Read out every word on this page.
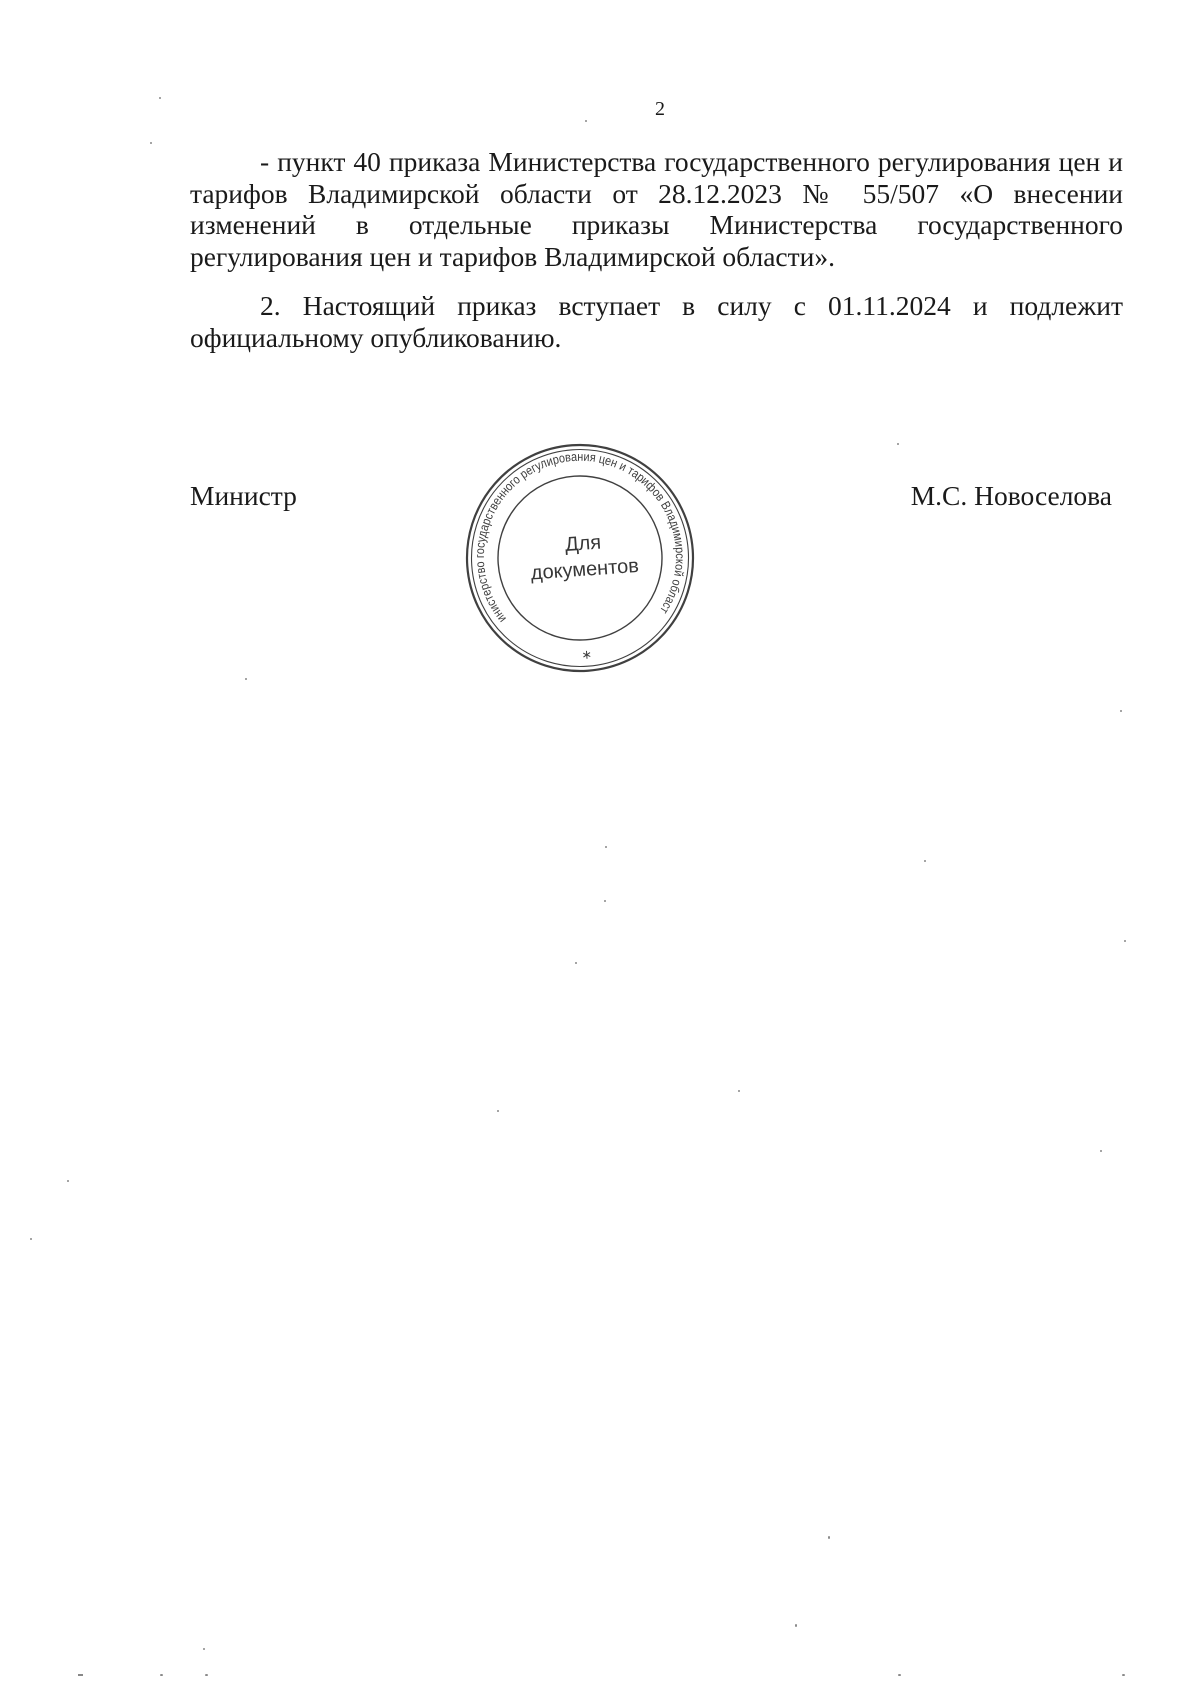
2

- пункт 40 приказа Министерства государственного регулирования цен и тарифов Владимирской области от 28.12.2023 № 55/507 «О внесении изменений в отдельные приказы Министерства государственного регулирования цен и тарифов Владимирской области».

2. Настоящий приказ вступает в силу с 01.11.2024 и подлежит официальному опубликованию.

Министр	М.С. Новоселова
Министерство государственного регулирования цен и тарифов Владимирской области
∗
Для
документов
